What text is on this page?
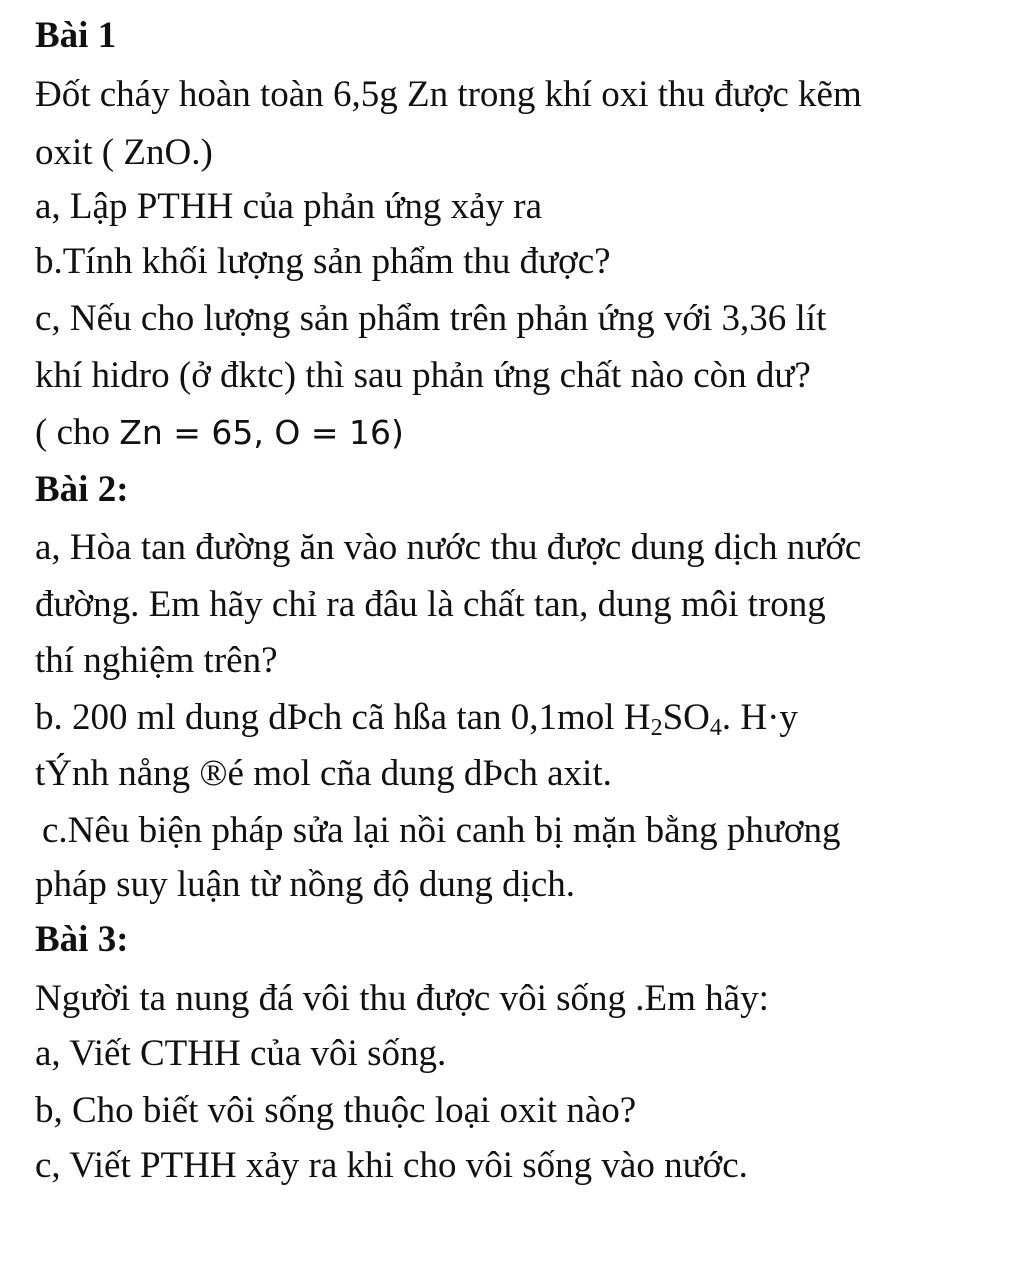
Bài 1
Đốt cháy hoàn toàn 6,5g Zn trong khí oxi thu được kẽm
oxit ( ZnO.)
a, Lập PTHH của phản ứng xảy ra
b.Tính khối lượng sản phẩm thu được?
c, Nếu cho lượng sản phẩm trên phản ứng với 3,36 lít
khí hidro (ở đktc) thì sau phản ứng chất nào còn dư?
( cho Zn = 65, O = 16)
Bài 2:
a, Hòa tan đường ăn vào nước thu được dung dịch nước
đường. Em hãy chỉ ra đâu là chất tan, dung môi trong
thí nghiệm trên?
b. 200 ml dung dÞch cã hßa tan 0,1mol $H_2SO_4$. H·y
tÝnh nång ®é mol cña dung dÞch axit.
c.Nêu biện pháp sửa lại nồi canh bị mặn bằng phương
pháp suy luận từ nồng độ dung dịch.
Bài 3:
Người ta nung đá vôi thu được vôi sống .Em hãy:
a, Viết CTHH của vôi sống.
b, Cho biết vôi sống thuộc loại oxit nào?
c, Viết PTHH xảy ra khi cho vôi sống vào nước.
